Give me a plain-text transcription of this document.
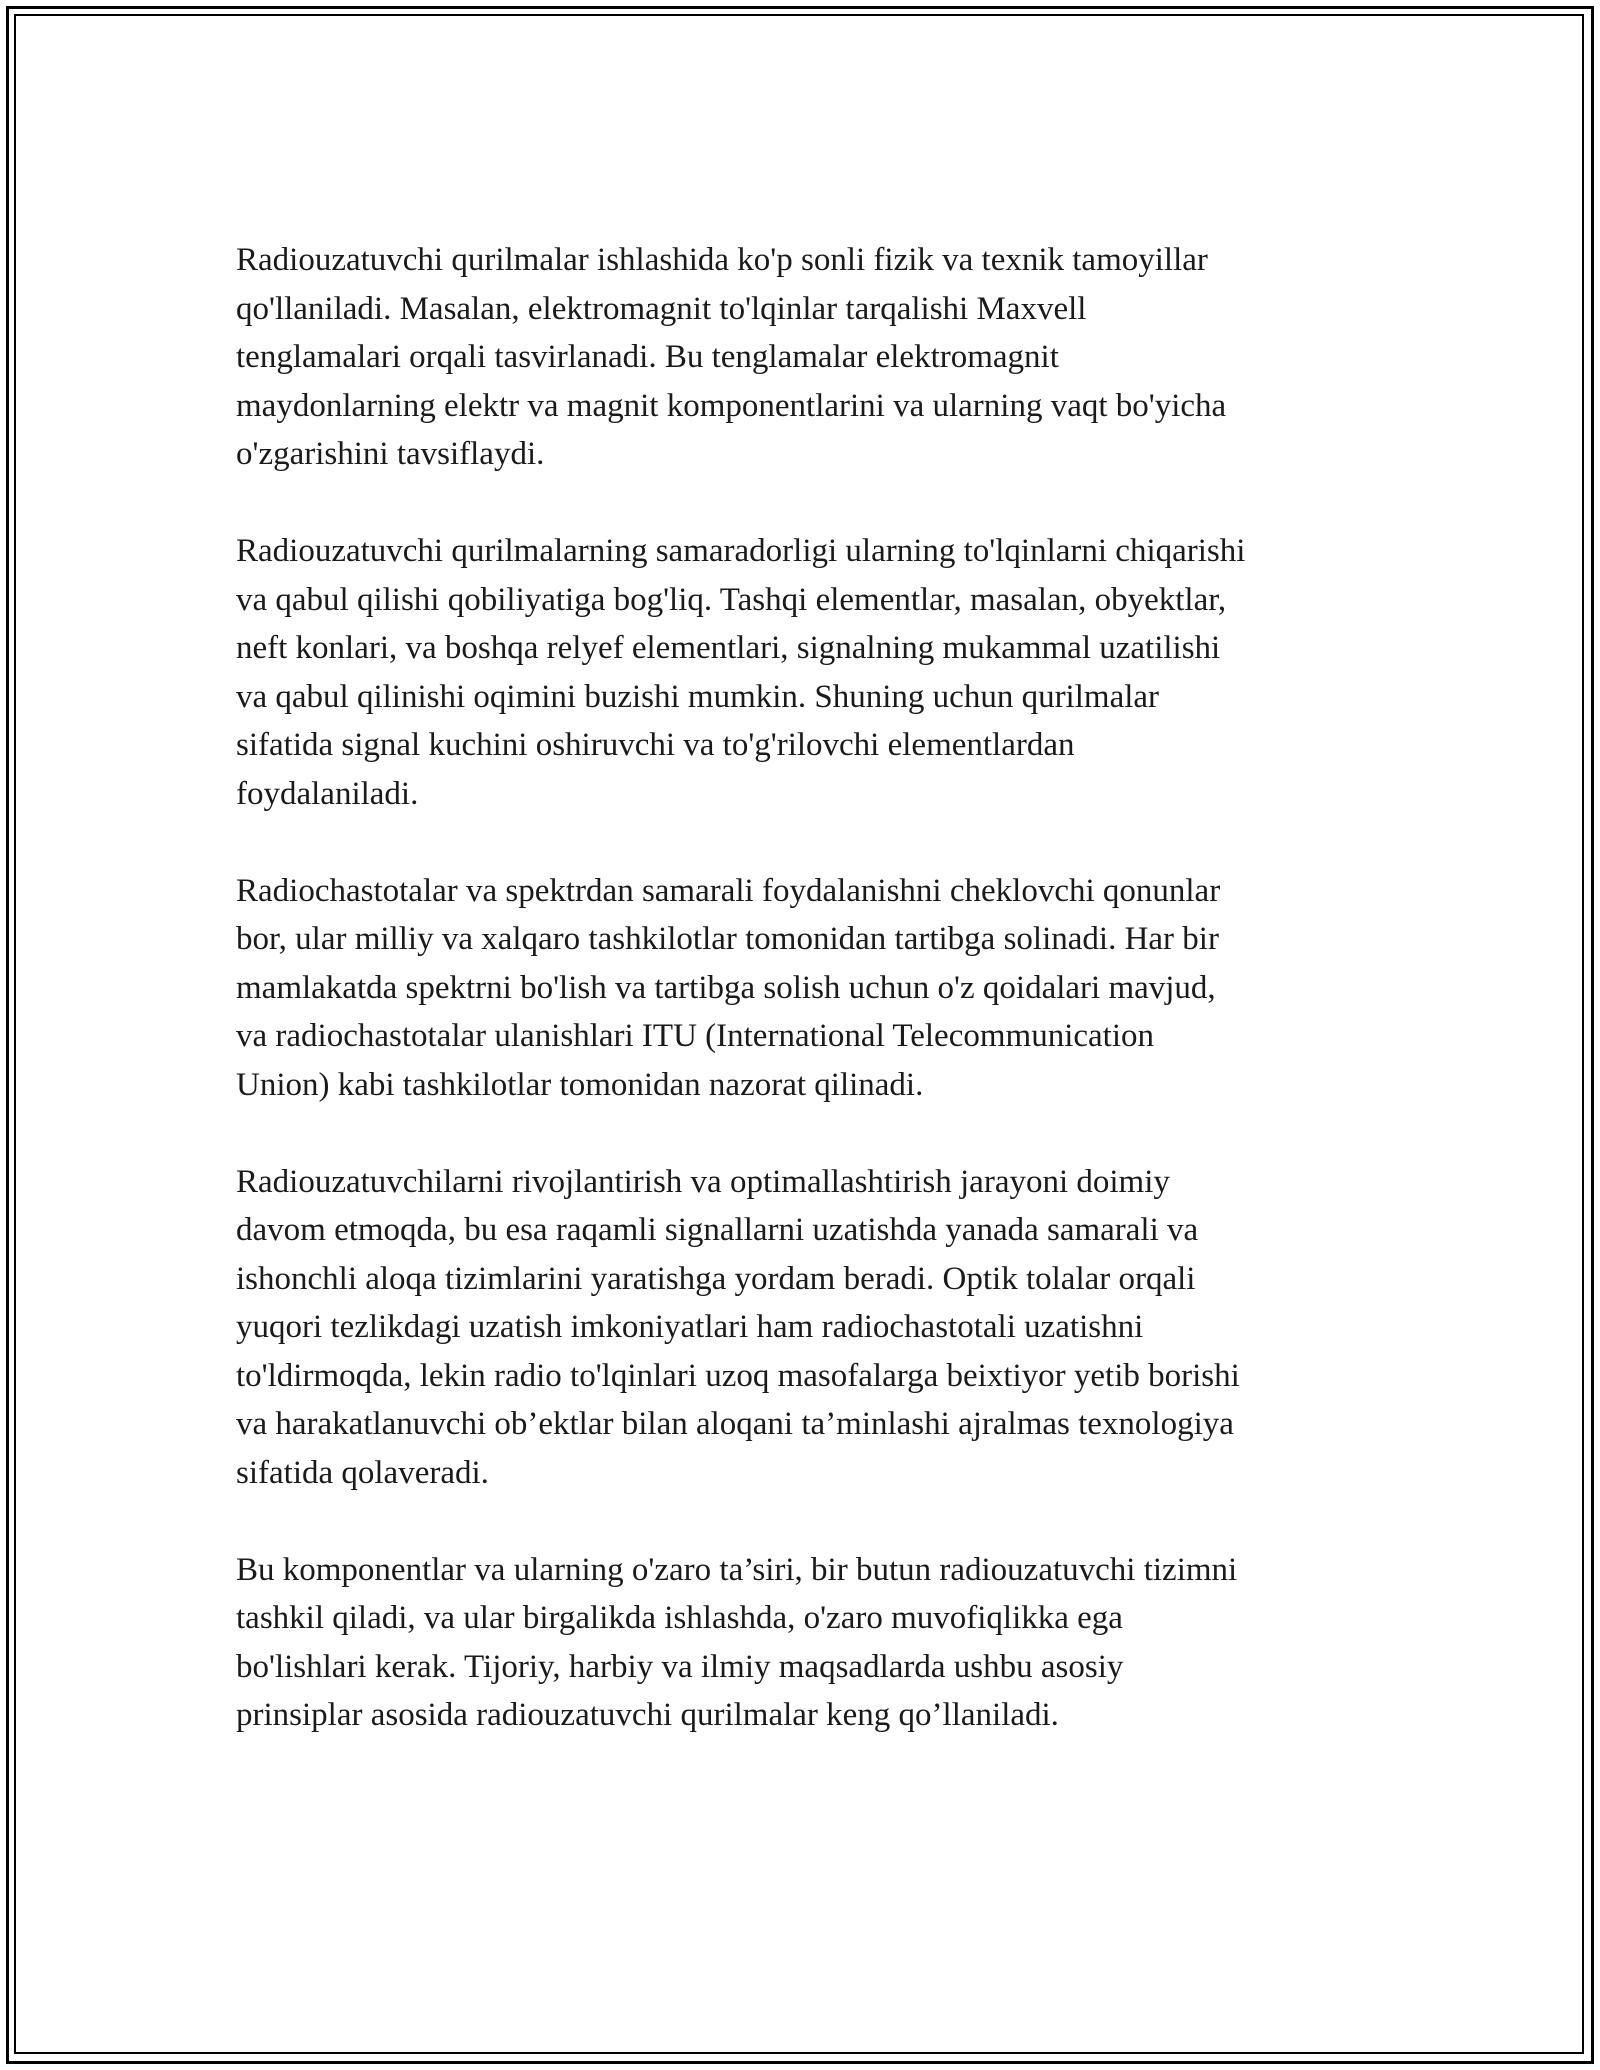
Radiouzatuvchi qurilmalar ishlashida ko'p sonli fizik va texnik tamoyillar
qo'llaniladi. Masalan, elektromagnit to'lqinlar tarqalishi Maxvell
tenglamalari orqali tasvirlanadi. Bu tenglamalar elektromagnit
maydonlarning elektr va magnit komponentlarini va ularning vaqt bo'yicha
o'zgarishini tavsiflaydi.

Radiouzatuvchi qurilmalarning samaradorligi ularning to'lqinlarni chiqarishi
va qabul qilishi qobiliyatiga bog'liq. Tashqi elementlar, masalan, obyektlar,
neft konlari, va boshqa relyef elementlari, signalning mukammal uzatilishi
va qabul qilinishi oqimini buzishi mumkin. Shuning uchun qurilmalar
sifatida signal kuchini oshiruvchi va to'g'rilovchi elementlardan
foydalaniladi.

Radiochastotalar va spektrdan samarali foydalanishni cheklovchi qonunlar
bor, ular milliy va xalqaro tashkilotlar tomonidan tartibga solinadi. Har bir
mamlakatda spektrni bo'lish va tartibga solish uchun o'z qoidalari mavjud,
va radiochastotalar ulanishlari ITU (International Telecommunication
Union) kabi tashkilotlar tomonidan nazorat qilinadi.

Radiouzatuvchilarni rivojlantirish va optimallashtirish jarayoni doimiy
davom etmoqda, bu esa raqamli signallarni uzatishda yanada samarali va
ishonchli aloqa tizimlarini yaratishga yordam beradi. Optik tolalar orqali
yuqori tezlikdagi uzatish imkoniyatlari ham radiochastotali uzatishni
to'ldirmoqda, lekin radio to'lqinlari uzoq masofalarga beixtiyor yetib borishi
va harakatlanuvchi ob’ektlar bilan aloqani ta’minlashi ajralmas texnologiya
sifatida qolaveradi.

Bu komponentlar va ularning o'zaro ta’siri, bir butun radiouzatuvchi tizimni
tashkil qiladi, va ular birgalikda ishlashda, o'zaro muvofiqlikka ega
bo'lishlari kerak. Tijoriy, harbiy va ilmiy maqsadlarda ushbu asosiy
prinsiplar asosida radiouzatuvchi qurilmalar keng qo’llaniladi.
